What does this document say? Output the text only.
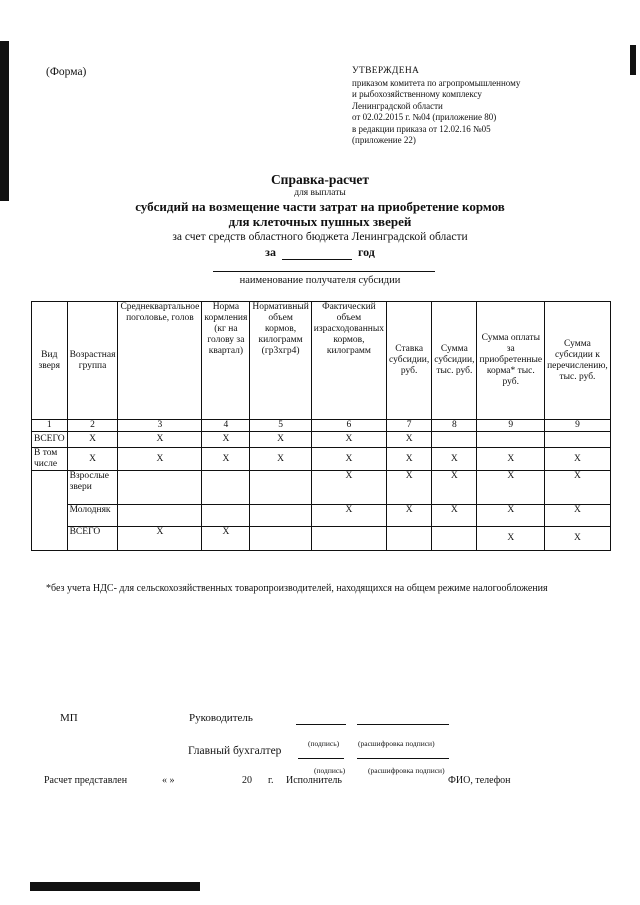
(Форма)	УТВЕРЖДЕНА
приказом комитета по агропромышленному
и рыбохозяйственному комплексу
Ленинградской области
от 02.02.2015 г. №04 (приложение 80)
в редакции приказа от 12.02.16 №05
(приложение 22)
Справка-расчет
для выплаты
субсидий на возмещение части затрат на приобретение кормов
для клеточных пушных зверей
за счет средств областного бюджета Ленинградской области
за	год
наименование получателя субсидии
Вид зверя	Возрастная группа	Среднеквартальное поголовье, голов	Норма кормления (кг на голову за квартал)	Нормативный объем кормов, килограмм (гр3хгр4)	Фактический объем израсходованных кормов, килограмм	Ставка субсидии, руб.	Сумма субсидии, тыс. руб.	Сумма оплаты за приобретенные корма* тыс. руб.	Сумма субсидии к перечислению, тыс. руб.
1	2	3	4	5	6	7	8	9	9
ВСЕГО	X	X	X	X	X	X			
В том числе	X	X	X	X	X	X	X	X	X
	Взрослые звери				X	X	X	X	X
	Молодняк				X	X	X	X	X
	ВСЕГО	X	X					X	X
*без учета НДС- для сельскохозяйственных товаропроизводителей, находящихся на общем режиме налогообложения
МП	Руководитель
(подпись)	(расшифровка подписи)
Главный бухгалтер
(подпись)	(расшифровка подписи)
Расчет представлен	« »	20 г. Исполнитель	ФИО, телефон
